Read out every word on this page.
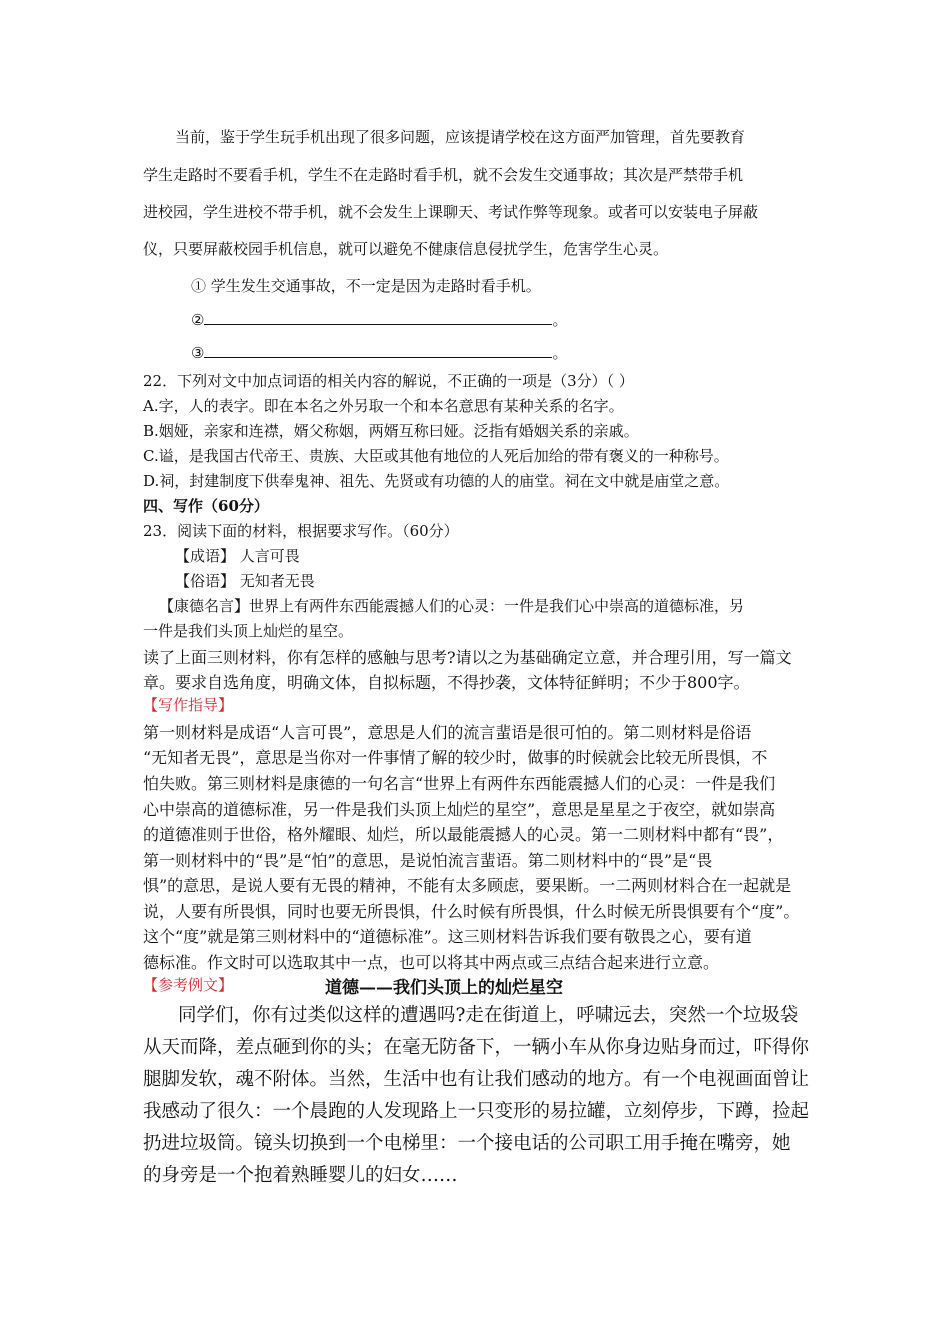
当前，鉴于学生玩手机出现了很多问题，应该提请学校在这方面严加管理，首先要教育
学生走路时不要看手机，学生不在走路时看手机，就不会发生交通事故；其次是严禁带手机
进校园，学生进校不带手机，就不会发生上课聊天、考试作弊等现象。或者可以安装电子屏蔽
仪，只要屏蔽校园手机信息，就可以避免不健康信息侵扰学生，危害学生心灵。
① 学生发生交通事故，不一定是因为走路时看手机。
②	。
③	。
22．下列对文中加点词语的相关内容的解说，不正确的一项是（3分）（ ）
A.字，人的表字。即在本名之外另取一个和本名意思有某种关系的名字。
B.姻娅，亲家和连襟，婿父称姻，两婿互称曰娅。泛指有婚姻关系的亲戚。
C.谥，是我国古代帝王、贵族、大臣或其他有地位的人死后加给的带有褒义的一种称号。
D.祠，封建制度下供奉鬼神、祖先、先贤或有功德的人的庙堂。祠在文中就是庙堂之意。
四、写作（60分）
23．阅读下面的材料，根据要求写作。（60分）
【成语】 人言可畏
【俗语】 无知者无畏
【康德名言】世界上有两件东西能震撼人们的心灵：一件是我们心中崇高的道德标准，另
一件是我们头顶上灿烂的星空。
读了上面三则材料，你有怎样的感触与思考?请以之为基础确定立意，并合理引用，写一篇文
章。要求自选角度，明确文体，自拟标题，不得抄袭，文体特征鲜明；不少于800字。
【写作指导】
第一则材料是成语“人言可畏”，意思是人们的流言蜚语是很可怕的。第二则材料是俗语
“无知者无畏”，意思是当你对一件事情了解的较少时，做事的时候就会比较无所畏惧，不
怕失败。第三则材料是康德的一句名言“世界上有两件东西能震撼人们的心灵：一件是我们
心中崇高的道德标准，另一件是我们头顶上灿烂的星空”，意思是星星之于夜空，就如崇高
的道德准则于世俗，格外耀眼、灿烂，所以最能震撼人的心灵。第一二则材料中都有“畏”，
第一则材料中的“畏”是“怕”的意思，是说怕流言蜚语。第二则材料中的“畏”是“畏
惧”的意思，是说人要有无畏的精神，不能有太多顾虑，要果断。一二两则材料合在一起就是
说，人要有所畏惧，同时也要无所畏惧，什么时候有所畏惧，什么时候无所畏惧要有个“度”。
这个“度”就是第三则材料中的“道德标准”。这三则材料告诉我们要有敬畏之心，要有道
德标准。作文时可以选取其中一点，也可以将其中两点或三点结合起来进行立意。
【参考例文】	道德——我们头顶上的灿烂星空
同学们，你有过类似这样的遭遇吗?走在街道上，呼啸远去，突然一个垃圾袋
从天而降，差点砸到你的头；在毫无防备下，一辆小车从你身边贴身而过，吓得你
腿脚发软，魂不附体。当然，生活中也有让我们感动的地方。有一个电视画面曾让
我感动了很久：一个晨跑的人发现路上一只变形的易拉罐，立刻停步，下蹲，捡起
扔进垃圾筒。镜头切换到一个电梯里：一个接电话的公司职工用手掩在嘴旁，她
的身旁是一个抱着熟睡婴儿的妇女……
